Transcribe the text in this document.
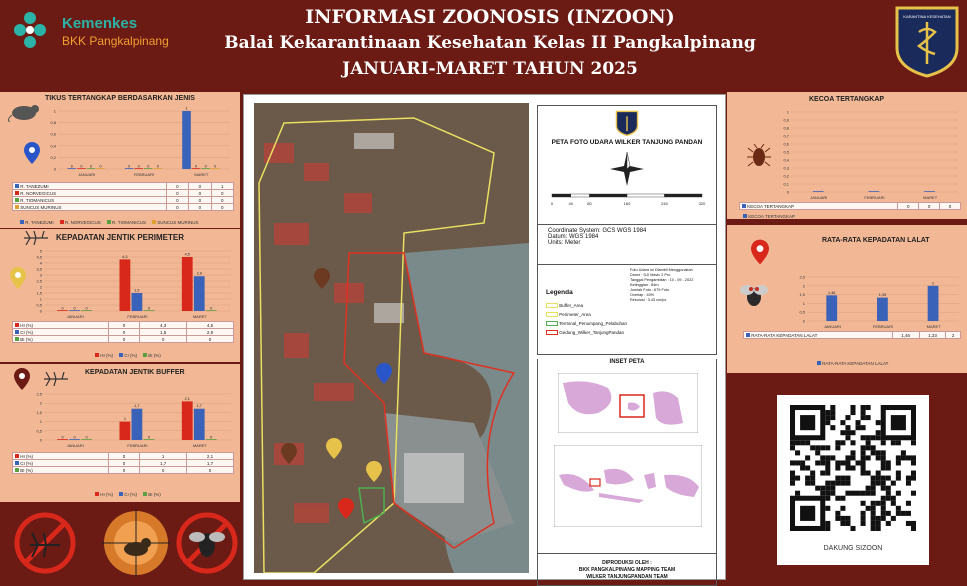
Kemenkes
BKK Pangkalpinang
INFORMASI ZOONOSIS (INZOON)
Balai Kekarantinaan Kesehatan Kelas II Pangkalpinang
JANUARI-MARET TAHUN 2025
KARANTINA KESEHATAN
TIKUS TERTANGKAP BERDASARKAN JENIS
1
0,8
0,6
0,4
0,2
0
JANUARI	FEBRUARI	MARET
0	0
1
0	0	0
0	0	0
0	0	0
R. TANEZUMI	0	0	1
R. NORVEGICUS	0	0	0
R. TIOMANICUS	0	0	0
SUNCUS MURINUS	0	0	0
R. TANEZUMI R. NORVEGICUS R. TIOMANICUS SUNCUS MURINUS
KEPADATAN JENTIK PERIMETER
5
4,5
4
3,5
3
2,5
2
1,5
1
0,5
0
JANUARI	FEBRUARI	MARET
0
4,3
4,5
0
1,5
2,9
0	0	0
HI (%)	0	4,3	4,5
CI (%)	0	1,5	2,9
BI (%)	0	0	0
HI (%) CI (%) BI (%)
KEPADATAN JENTIK BUFFER
2,5
2
1,5
1
0,5
0
JANUARI	FEBRUARI	MARET
0
1
2,1
0
1,7	1,7
0	0	0
HI (%)	0	1	2,1
CI (%)	0	1,7	1,7
BI (%)	0	0	0
HI (%) CI (%) BI (%)
PETA FOTO UDARA WILKER TANJUNG PANDAN
0	40	80	160	240	320
Coordinate System: GCS WGS 1984
Datum: WGS 1984
Units: Meter
Foto Udara ini Diambil Menggunakan
Drone : DJI Mavic 2 Pro
Tanggal Pengambilan : 10 - 09 - 2022
Ketinggian : 84m
Jumlah Foto : 679 Foto
Overlap : 40%
Resolusi : 3.43 cm/px
Legenda
Buffer_Area
Perimeter_Area
Terminal_Penumpang_Pelabuhan
Gedung_Wilker_TanjungPandan
INSET PETA
DIPRODUKSI OLEH :
BKK PANGKALPINANG MAPPING TEAM
WILKER TANJUNGPANDAN TEAM
KECOA TERTANGKAP
1
0,9
0,8
0,7
0,6
0,5
0,4
0,3
0,2
0,1
0
JANUARI	FEBRUARI	MARET
KECOA TERTANGKAP	0	0	0
KECOA TERTANGKAP
RATA-RATA KEPADATAN LALAT
2,5
2
1,5
1
0,5
0
JANUARI	FEBRUARI	MARET
1,46
1,33
2
RATA-RATA KEPADATAN LALAT	1,46	1,33	2
RATA-RATA KEPADATAN LALAT
DAKUNG SIZOON
